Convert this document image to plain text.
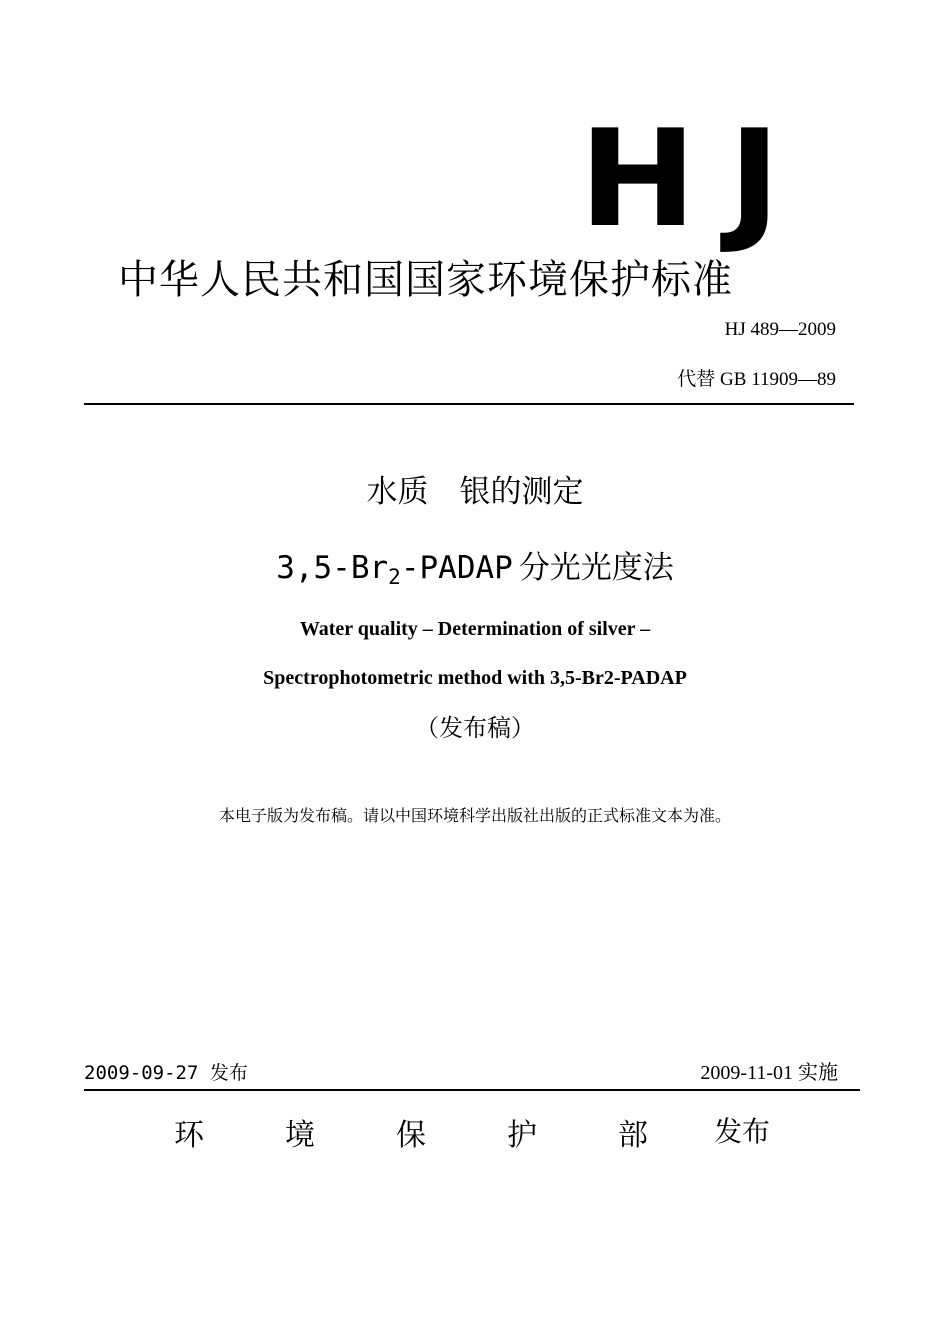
HJ
中华人民共和国国家环境保护标准
HJ 489—2009
代替 GB 11909—89
水质　银的测定
$3,5-Br_2$-PADAP 分光光度法
Water quality – Determination of silver –
Spectrophotometric method with 3,5-Br2-PADAP
（发布稿）
本电子版为发布稿。请以中国环境科学出版社出版的正式标准文本为准。
2009-09-27 发布	2009-11-01 实施
环	境	保	护	部 发布
